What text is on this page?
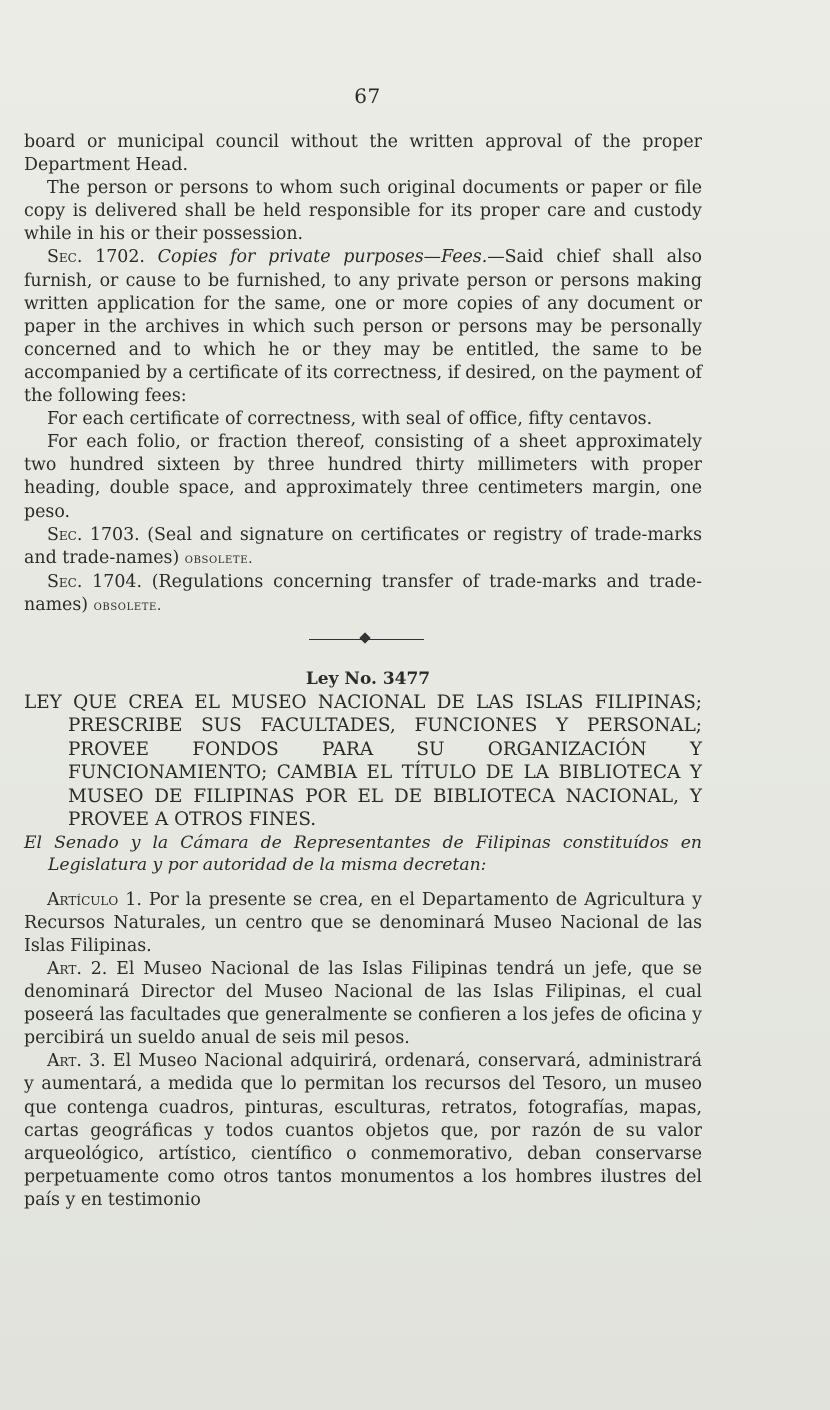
67

board or municipal council without the written approval of the proper Department Head.

The person or persons to whom such original documents or paper or file copy is delivered shall be held responsible for its proper care and custody while in his or their possession.

Sec. 1702. Copies for private purposes—Fees.—Said chief shall also furnish, or cause to be furnished, to any private person or persons making written application for the same, one or more copies of any document or paper in the archives in which such person or persons may be personally concerned and to which he or they may be entitled, the same to be accompanied by a certificate of its correctness, if desired, on the payment of the following fees:

For each certificate of correctness, with seal of office, fifty centavos.

For each folio, or fraction thereof, consisting of a sheet approximately two hundred sixteen by three hundred thirty millimeters with proper heading, double space, and approximately three centimeters margin, one peso.

Sec. 1703. (Seal and signature on certificates or registry of trade-marks and trade-names) obsolete.

Sec. 1704. (Regulations concerning transfer of trade-marks and trade-names) obsolete.

Ley No. 3477

LEY QUE CREA EL MUSEO NACIONAL DE LAS ISLAS FILIPINAS; PRESCRIBE SUS FACULTADES, FUNCIONES Y PERSONAL; PROVEE FONDOS PARA SU ORGANIZACIÓN Y FUNCIONAMIENTO; CAMBIA EL TÍTULO DE LA BIBLIOTECA Y MUSEO DE FILIPINAS POR EL DE BIBLIOTECA NACIONAL, Y PROVEE A OTROS FINES.

El Senado y la Cámara de Representantes de Filipinas constituídos en Legislatura y por autoridad de la misma decretan:

Artículo 1. Por la presente se crea, en el Departamento de Agricultura y Recursos Naturales, un centro que se denominará Museo Nacional de las Islas Filipinas.

Art. 2. El Museo Nacional de las Islas Filipinas tendrá un jefe, que se denominará Director del Museo Nacional de las Islas Filipinas, el cual poseerá las facultades que generalmente se confieren a los jefes de oficina y percibirá un sueldo anual de seis mil pesos.

Art. 3. El Museo Nacional adquirirá, ordenará, conservará, administrará y aumentará, a medida que lo permitan los recursos del Tesoro, un museo que contenga cuadros, pinturas, esculturas, retratos, fotografías, mapas, cartas geográficas y todos cuantos objetos que, por razón de su valor arqueológico, artístico, científico o conmemorativo, deban conservarse perpetuamente como otros tantos monumentos a los hombres ilustres del país y en testimonio
